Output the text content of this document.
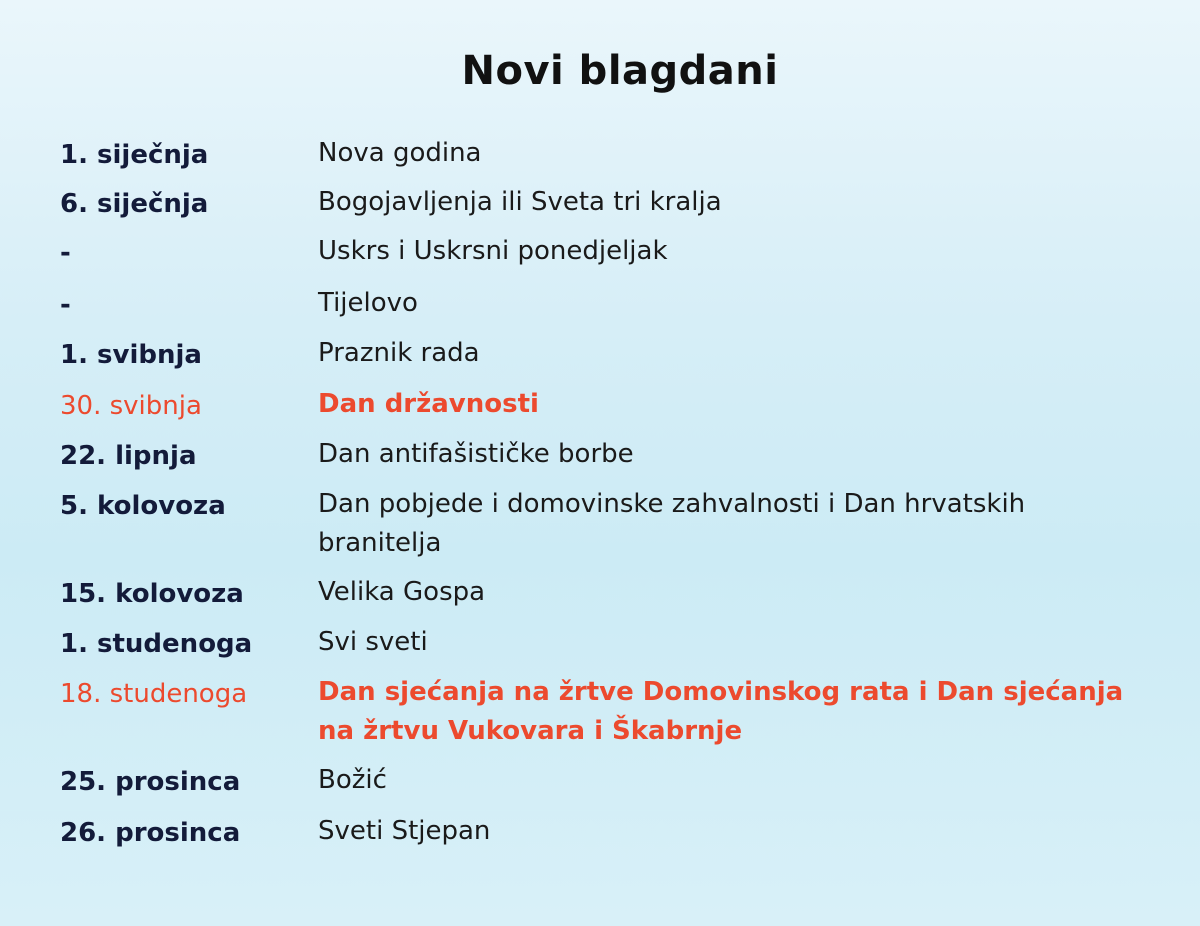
Novi blagdani
1. siječnja	Nova godina
6. siječnja	Bogojavljenja ili Sveta tri kralja
-	Uskrs i Uskrsni ponedjeljak
-	Tijelovo
1. svibnja	Praznik rada
30. svibnja	Dan državnosti
22. lipnja	Dan antifašističke borbe
5. kolovoza	Dan pobjede i domovinske zahvalnosti i Dan hrvatskih branitelja
15. kolovoza	Velika Gospa
1. studenoga	Svi sveti
18. studenoga	Dan sjećanja na žrtve Domovinskog rata i Dan sjećanja na žrtvu Vukovara i Škabrnje
25. prosinca	Božić
26. prosinca	Sveti Stjepan
